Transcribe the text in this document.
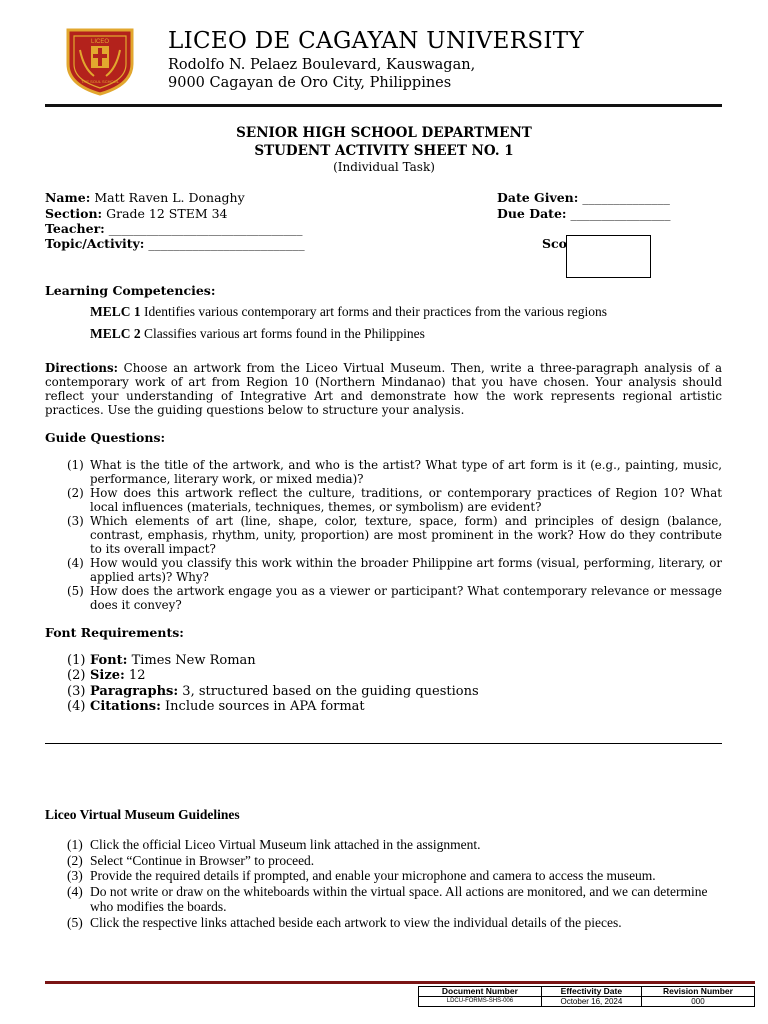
LICEO
THE SOUL SCHOOL
LICEO DE CAGAYAN UNIVERSITY
Rodolfo N. Pelaez Boulevard, Kauswagan,
9000 Cagayan de Oro City, Philippines
SENIOR HIGH SCHOOL DEPARTMENT
STUDENT ACTIVITY SHEET NO. 1
(Individual Task)
Name: Matt Raven L. Donaghy
Section: Grade 12 STEM 34
Teacher: _______________________________
Topic/Activity: _________________________
Date Given: ______________
Due Date: ________________
Sco
Learning Competencies:
MELC 1 Identifies various contemporary art forms and their practices from the various regions
MELC 2 Classifies various art forms found in the Philippines
Directions: Choose an artwork from the Liceo Virtual Museum. Then, write a three-paragraph analysis of a contemporary work of art from Region 10 (Northern Mindanao) that you have chosen. Your analysis should reflect your understanding of Integrative Art and demonstrate how the work represents regional artistic practices. Use the guiding questions below to structure your analysis.
Guide Questions:
(1) What is the title of the artwork, and who is the artist? What type of art form is it (e.g., painting, music, performance, literary work, or mixed media)?
(2) How does this artwork reflect the culture, traditions, or contemporary practices of Region 10? What local influences (materials, techniques, themes, or symbolism) are evident?
(3) Which elements of art (line, shape, color, texture, space, form) and principles of design (balance, contrast, emphasis, rhythm, unity, proportion) are most prominent in the work? How do they contribute to its overall impact?
(4) How would you classify this work within the broader Philippine art forms (visual, performing, literary, or applied arts)? Why?
(5) How does the artwork engage you as a viewer or participant? What contemporary relevance or message does it convey?
Font Requirements:
(1) Font: Times New Roman
(2) Size: 12
(3) Paragraphs: 3, structured based on the guiding questions
(4) Citations: Include sources in APA format
Liceo Virtual Museum Guidelines
(1) Click the official Liceo Virtual Museum link attached in the assignment.
(2) Select “Continue in Browser” to proceed.
(3) Provide the required details if prompted, and enable your microphone and camera to access the museum.
(4) Do not write or draw on the whiteboards within the virtual space. All actions are monitored, and we can determine who modifies the boards.
(5) Click the respective links attached beside each artwork to view the individual details of the pieces.
Document Number	Effectivity Date	Revision Number
LDCU-FORMS-SHS-006	October 16, 2024	000
